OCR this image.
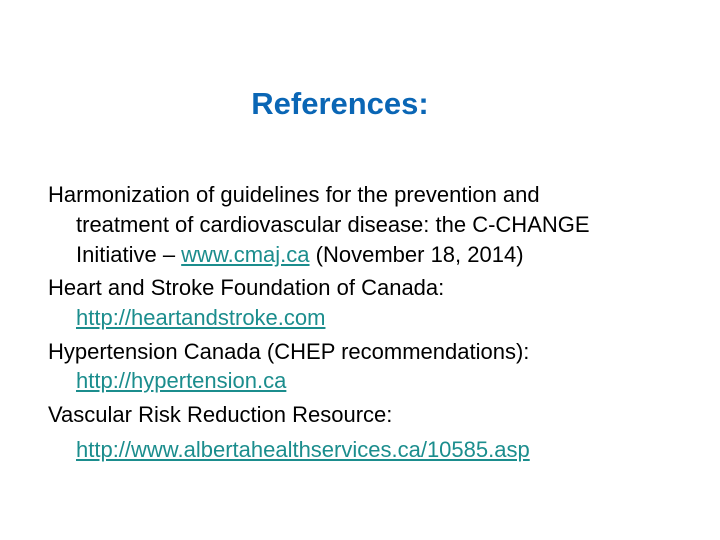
References:
Harmonization of guidelines for the prevention and
treatment of cardiovascular disease: the C-CHANGE
Initiative – www.cmaj.ca (November 18, 2014)
Heart and Stroke Foundation of Canada:
http://heartandstroke.com
Hypertension Canada (CHEP recommendations):
http://hypertension.ca
Vascular Risk Reduction Resource:
http://www.albertahealthservices.ca/10585.asp
